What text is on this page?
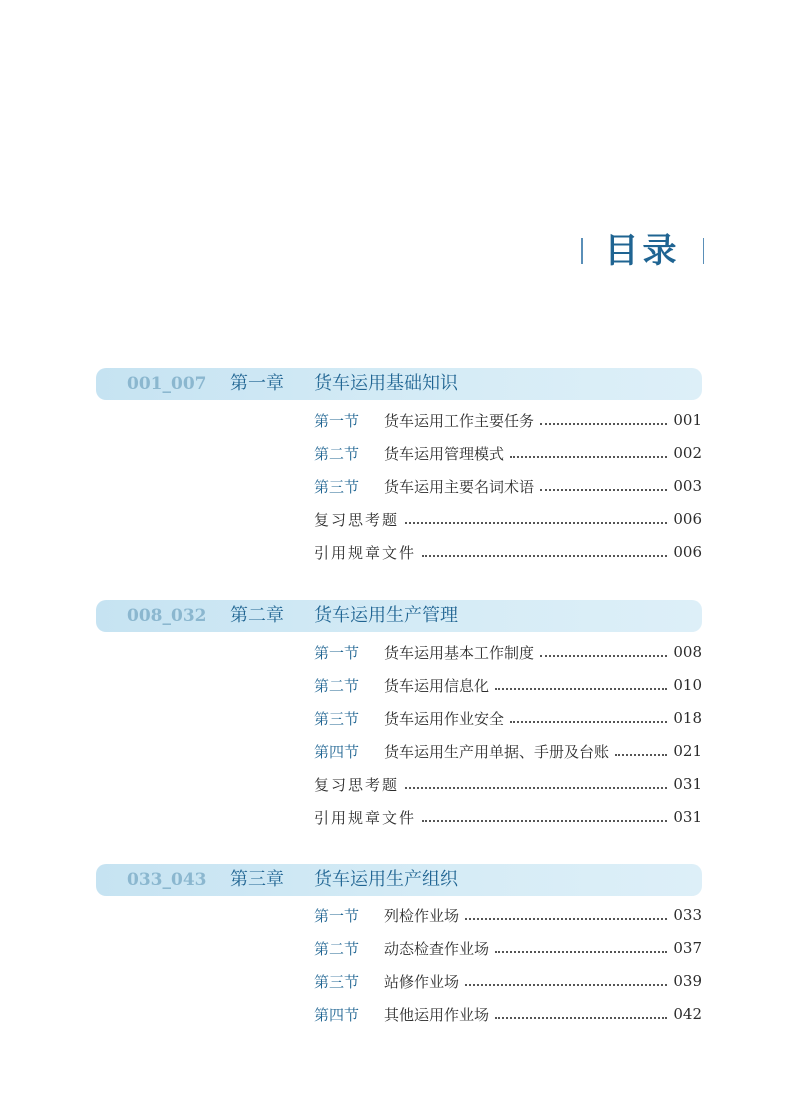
目录
001_007 第一章 货车运用基础知识
第一节	货车运用工作主要任务	001
第二节	货车运用管理模式	002
第三节	货车运用主要名词术语	003
复习思考题	006
引用规章文件	006
008_032 第二章 货车运用生产管理
第一节	货车运用基本工作制度	008
第二节	货车运用信息化	010
第三节	货车运用作业安全	018
第四节	货车运用生产用单据、手册及台账	021
复习思考题	031
引用规章文件	031
033_043 第三章 货车运用生产组织
第一节	列检作业场	033
第二节	动态检查作业场	037
第三节	站修作业场	039
第四节	其他运用作业场	042
